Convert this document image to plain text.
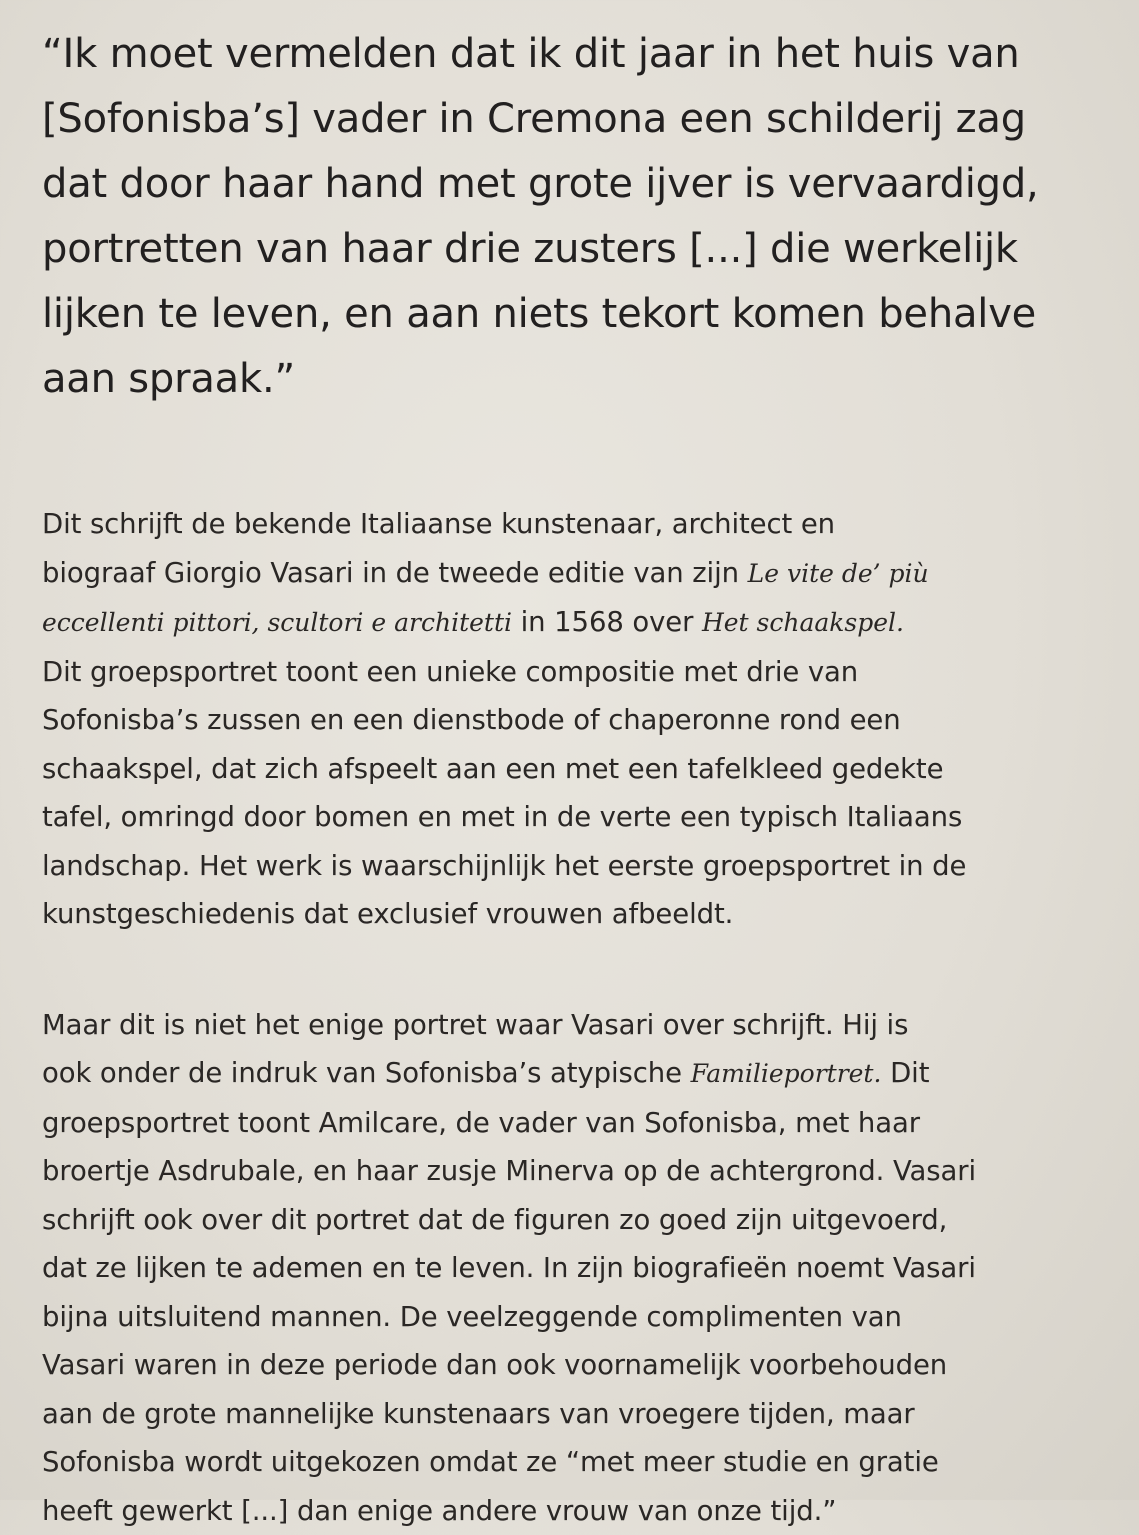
“Ik moet vermelden dat ik dit jaar in het huis van
[Sofonisba’s] vader in Cremona een schilderij zag
dat door haar hand met grote ijver is vervaardigd,
portretten van haar drie zusters [...] die werkelijk
lijken te leven, en aan niets tekort komen behalve
aan spraak.”

Dit schrijft de bekende Italiaanse kunstenaar, architect en
biograaf Giorgio Vasari in de tweede editie van zijn Le vite de’ più
eccellenti pittori, scultori e architetti in 1568 over Het schaakspel.
Dit groepsportret toont een unieke compositie met drie van
Sofonisba’s zussen en een dienstbode of chaperonne rond een
schaakspel, dat zich afspeelt aan een met een tafelkleed gedekte
tafel, omringd door bomen en met in de verte een typisch Italiaans
landschap. Het werk is waarschijnlijk het eerste groepsportret in de
kunstgeschiedenis dat exclusief vrouwen afbeeldt.

Maar dit is niet het enige portret waar Vasari over schrijft. Hij is
ook onder de indruk van Sofonisba’s atypische Familieportret. Dit
groepsportret toont Amilcare, de vader van Sofonisba, met haar
broertje Asdrubale, en haar zusje Minerva op de achtergrond. Vasari
schrijft ook over dit portret dat de figuren zo goed zijn uitgevoerd,
dat ze lijken te ademen en te leven. In zijn biografieën noemt Vasari
bijna uitsluitend mannen. De veelzeggende complimenten van
Vasari waren in deze periode dan ook voornamelijk voorbehouden
aan de grote mannelijke kunstenaars van vroegere tijden, maar
Sofonisba wordt uitgekozen omdat ze “met meer studie en gratie
heeft gewerkt [...] dan enige andere vrouw van onze tijd.”
